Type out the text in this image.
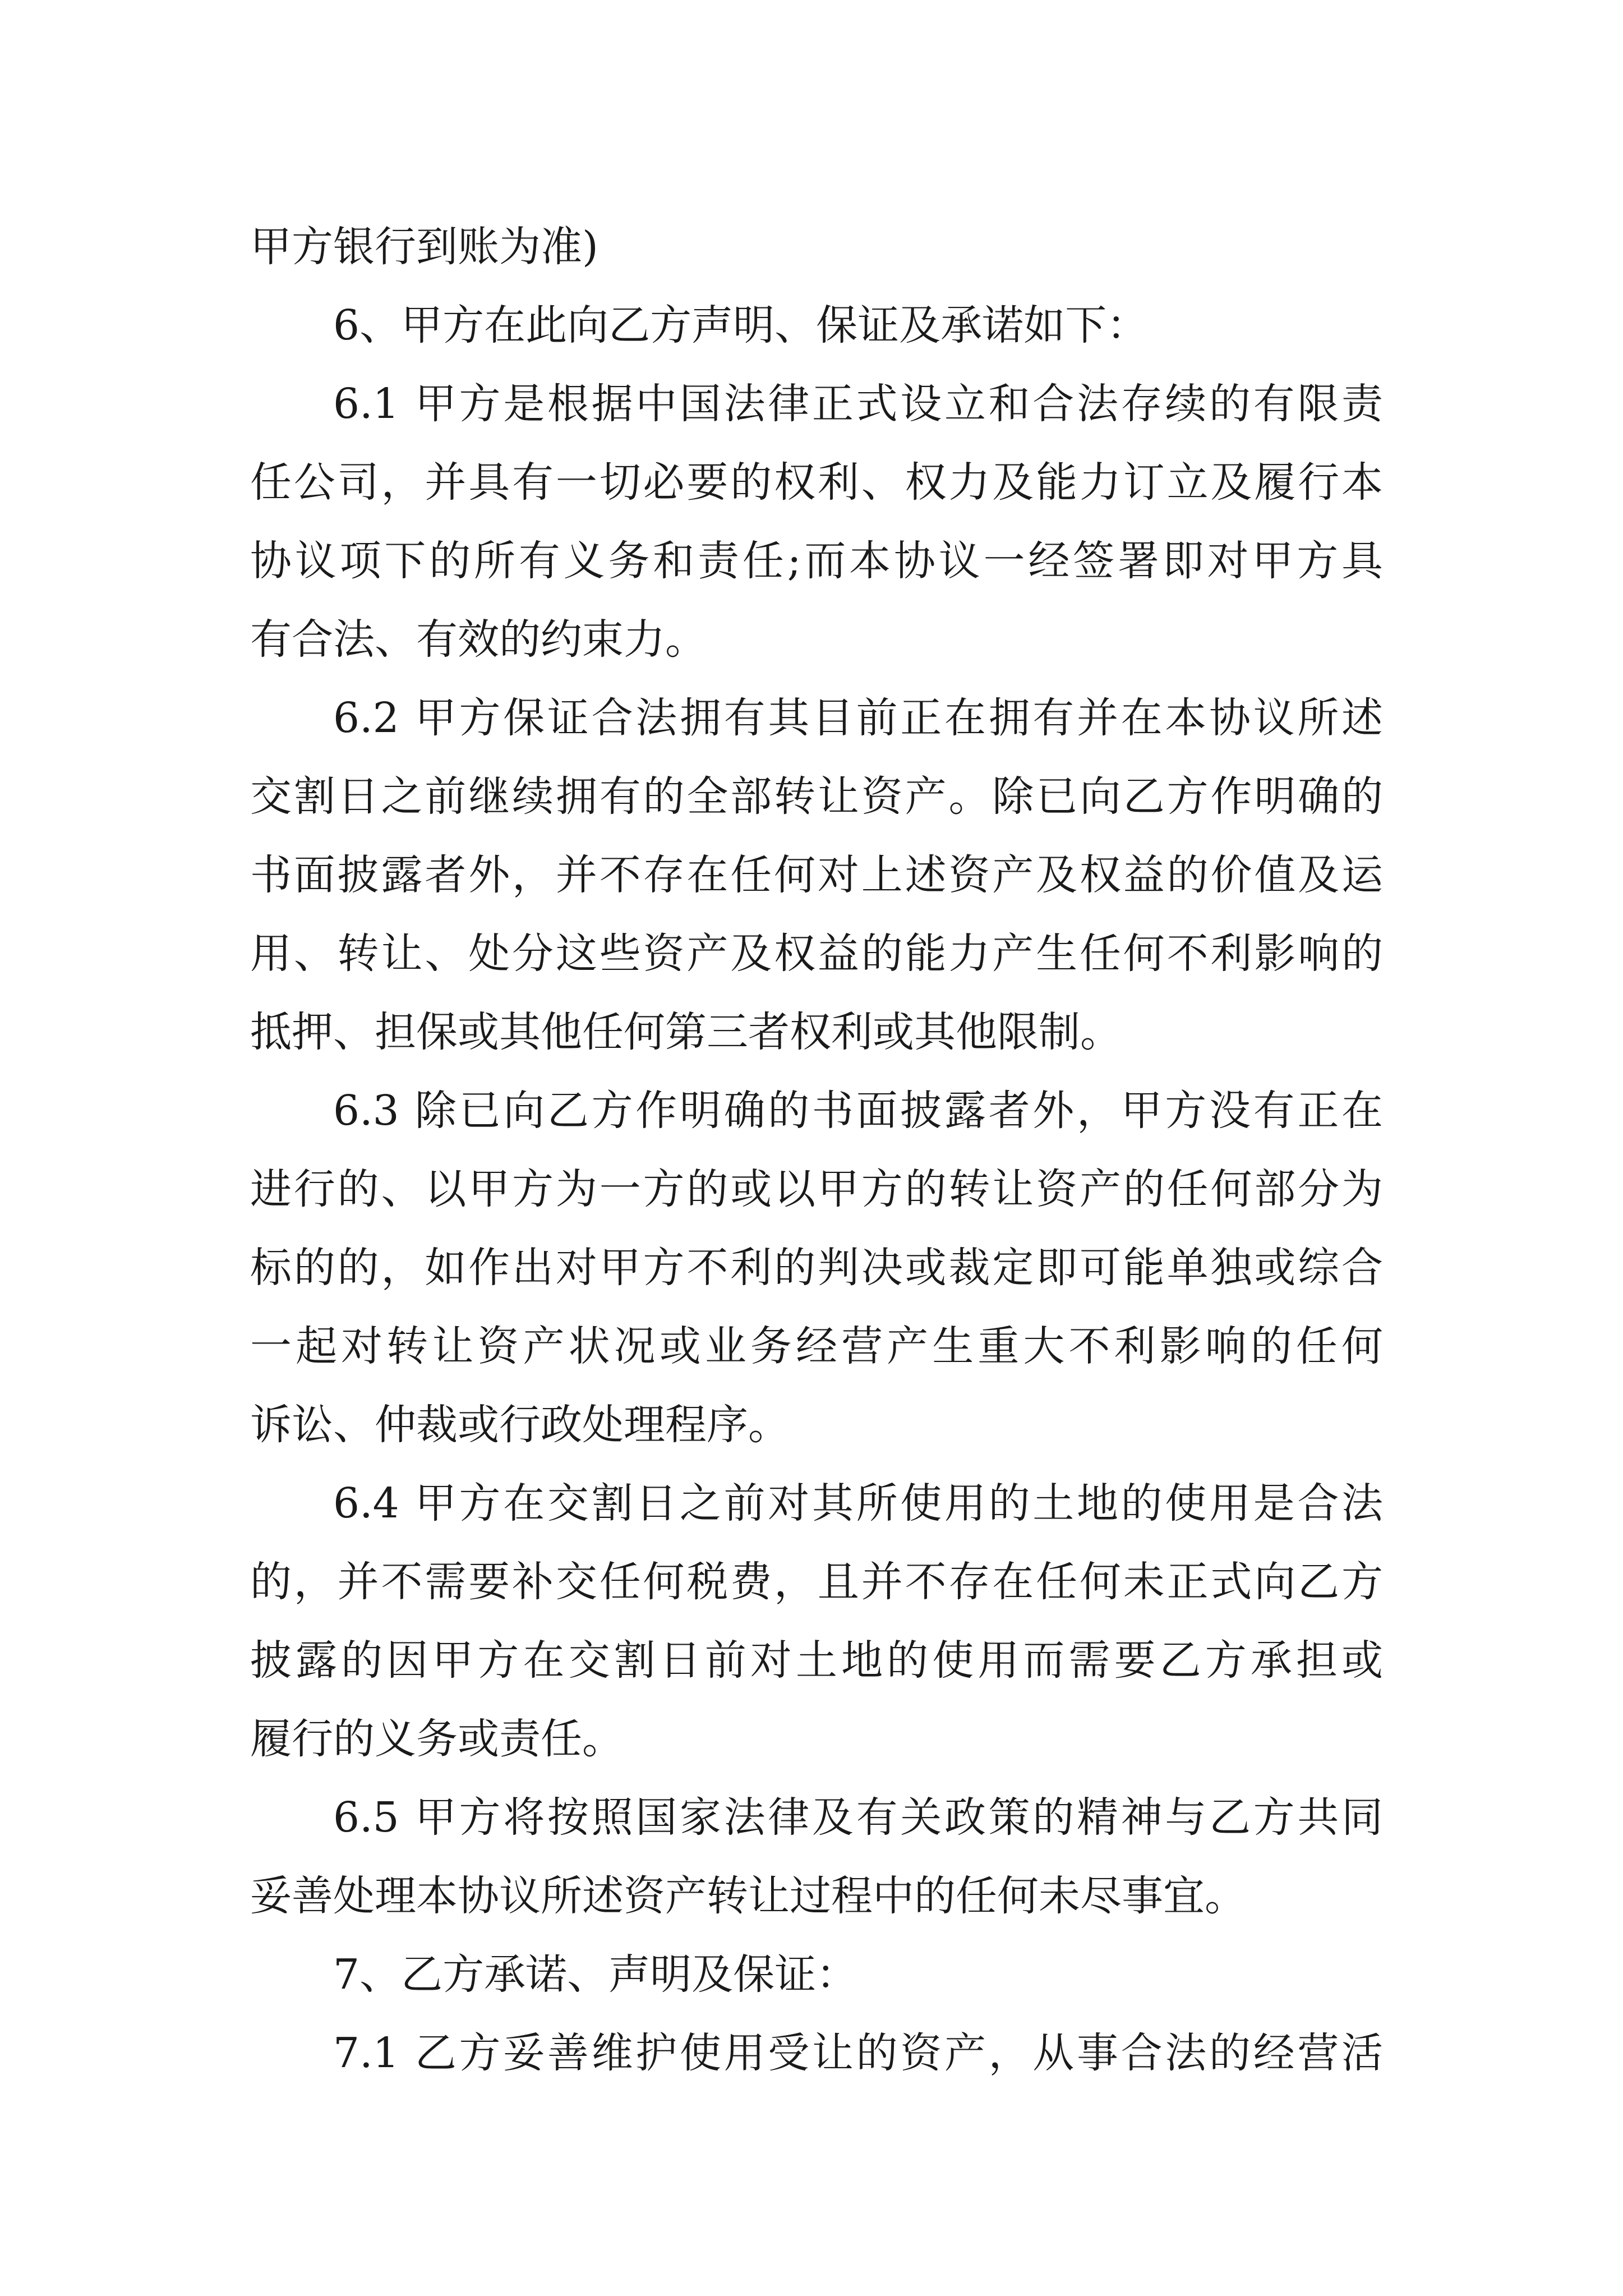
甲方银行到账为准)
6、甲方在此向乙方声明、保证及承诺如下：
6.1 甲方是根据中国法律正式设立和合法存续的有限责
任公司，并具有一切必要的权利、权力及能力订立及履行本
协议项下的所有义务和责任;而本协议一经签署即对甲方具
有合法、有效的约束力。
6.2 甲方保证合法拥有其目前正在拥有并在本协议所述
交割日之前继续拥有的全部转让资产。除已向乙方作明确的
书面披露者外，并不存在任何对上述资产及权益的价值及运
用、转让、处分这些资产及权益的能力产生任何不利影响的
抵押、担保或其他任何第三者权利或其他限制。
6.3 除已向乙方作明确的书面披露者外，甲方没有正在
进行的、以甲方为一方的或以甲方的转让资产的任何部分为
标的的，如作出对甲方不利的判决或裁定即可能单独或综合
一起对转让资产状况或业务经营产生重大不利影响的任何
诉讼、仲裁或行政处理程序。
6.4 甲方在交割日之前对其所使用的土地的使用是合法
的，并不需要补交任何税费，且并不存在任何未正式向乙方
披露的因甲方在交割日前对土地的使用而需要乙方承担或
履行的义务或责任。
6.5 甲方将按照国家法律及有关政策的精神与乙方共同
妥善处理本协议所述资产转让过程中的任何未尽事宜。
7、乙方承诺、声明及保证：
7.1 乙方妥善维护使用受让的资产，从事合法的经营活
